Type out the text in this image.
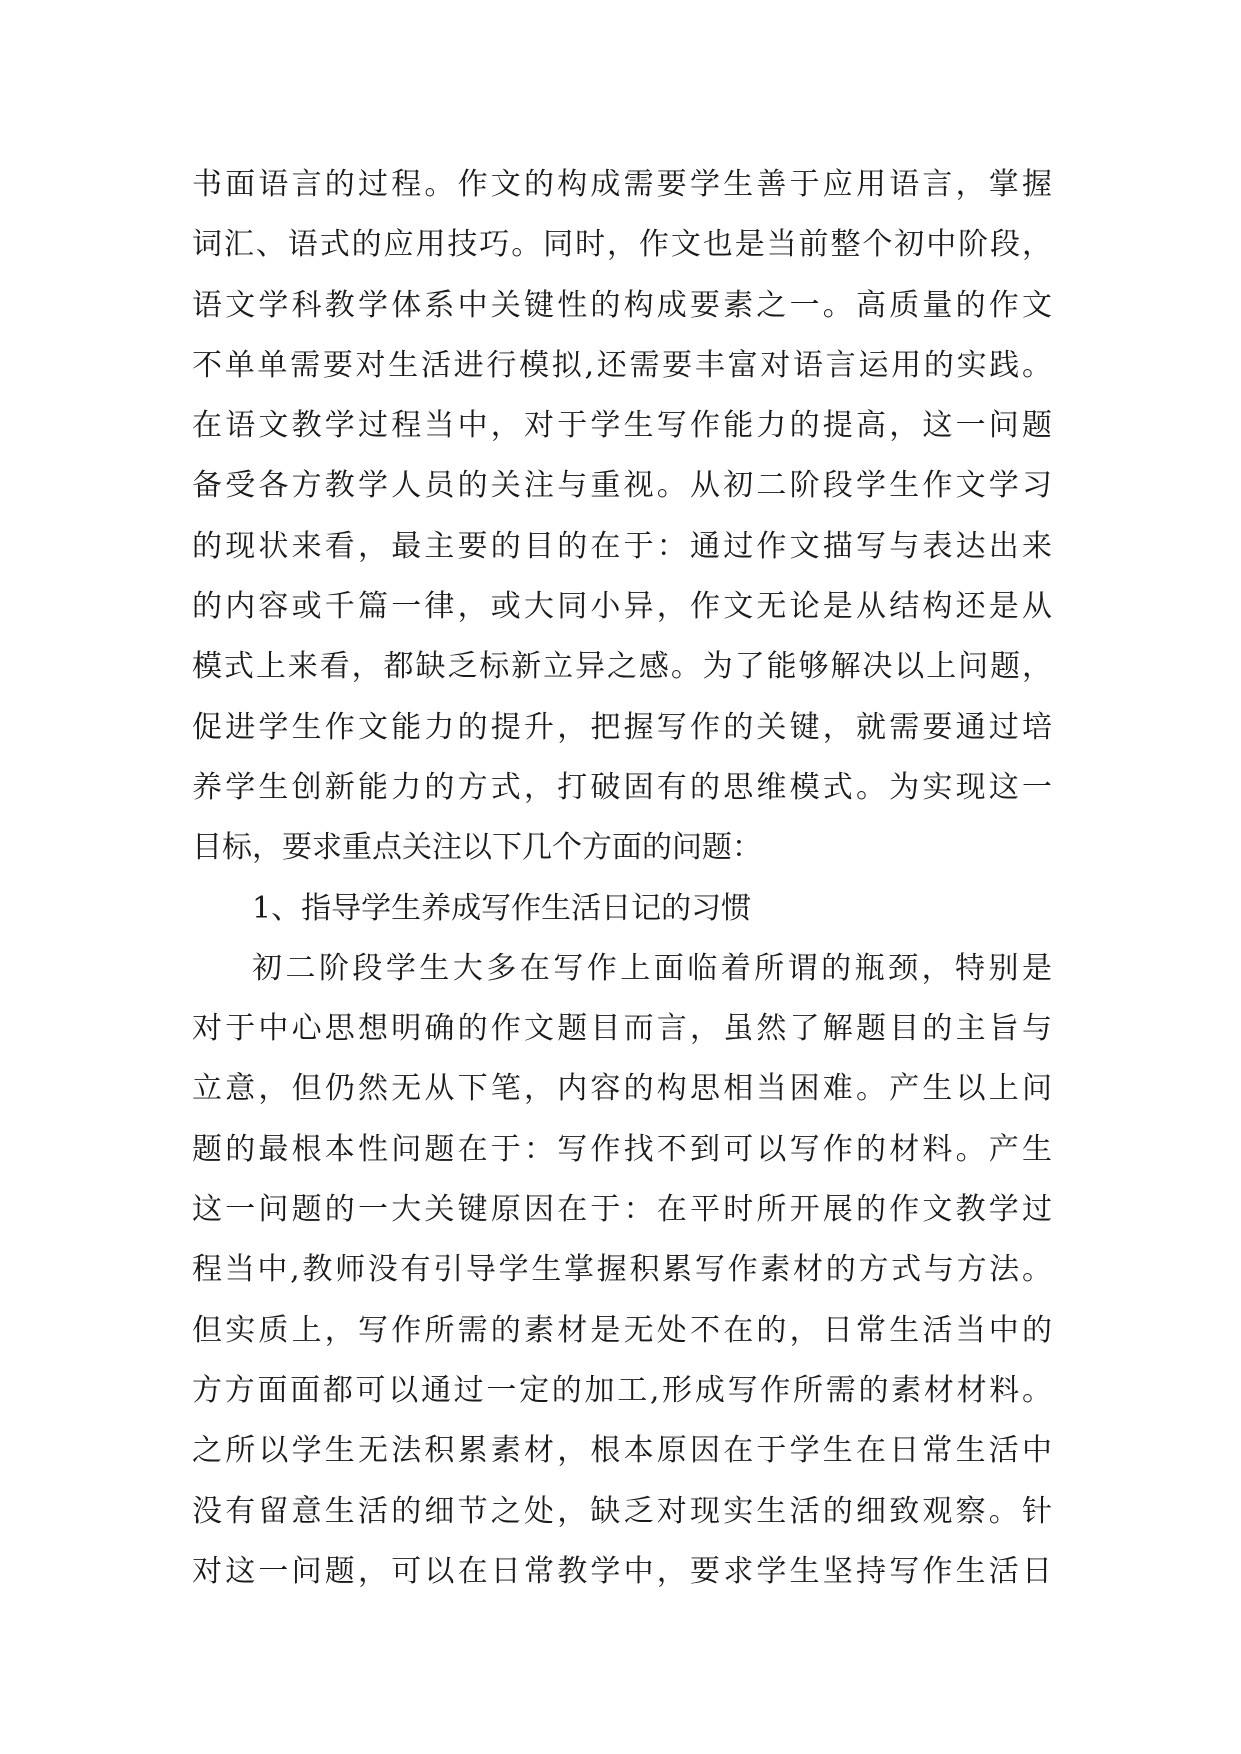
书面语言的过程。作文的构成需要学生善于应用语言，掌握
词汇、语式的应用技巧。同时，作文也是当前整个初中阶段，
语文学科教学体系中关键性的构成要素之一。高质量的作文
不单单需要对生活进行模拟,还需要丰富对语言运用的实践。
在语文教学过程当中，对于学生写作能力的提高，这一问题
备受各方教学人员的关注与重视。从初二阶段学生作文学习
的现状来看，最主要的目的在于：通过作文描写与表达出来
的内容或千篇一律，或大同小异，作文无论是从结构还是从
模式上来看，都缺乏标新立异之感。为了能够解决以上问题，
促进学生作文能力的提升，把握写作的关键，就需要通过培
养学生创新能力的方式，打破固有的思维模式。为实现这一
目标，要求重点关注以下几个方面的问题：
1、指导学生养成写作生活日记的习惯
初二阶段学生大多在写作上面临着所谓的瓶颈，特别是
对于中心思想明确的作文题目而言，虽然了解题目的主旨与
立意，但仍然无从下笔，内容的构思相当困难。产生以上问
题的最根本性问题在于：写作找不到可以写作的材料。产生
这一问题的一大关键原因在于：在平时所开展的作文教学过
程当中,教师没有引导学生掌握积累写作素材的方式与方法。
但实质上，写作所需的素材是无处不在的，日常生活当中的
方方面面都可以通过一定的加工,形成写作所需的素材材料。
之所以学生无法积累素材，根本原因在于学生在日常生活中
没有留意生活的细节之处，缺乏对现实生活的细致观察。针
对这一问题，可以在日常教学中，要求学生坚持写作生活日
